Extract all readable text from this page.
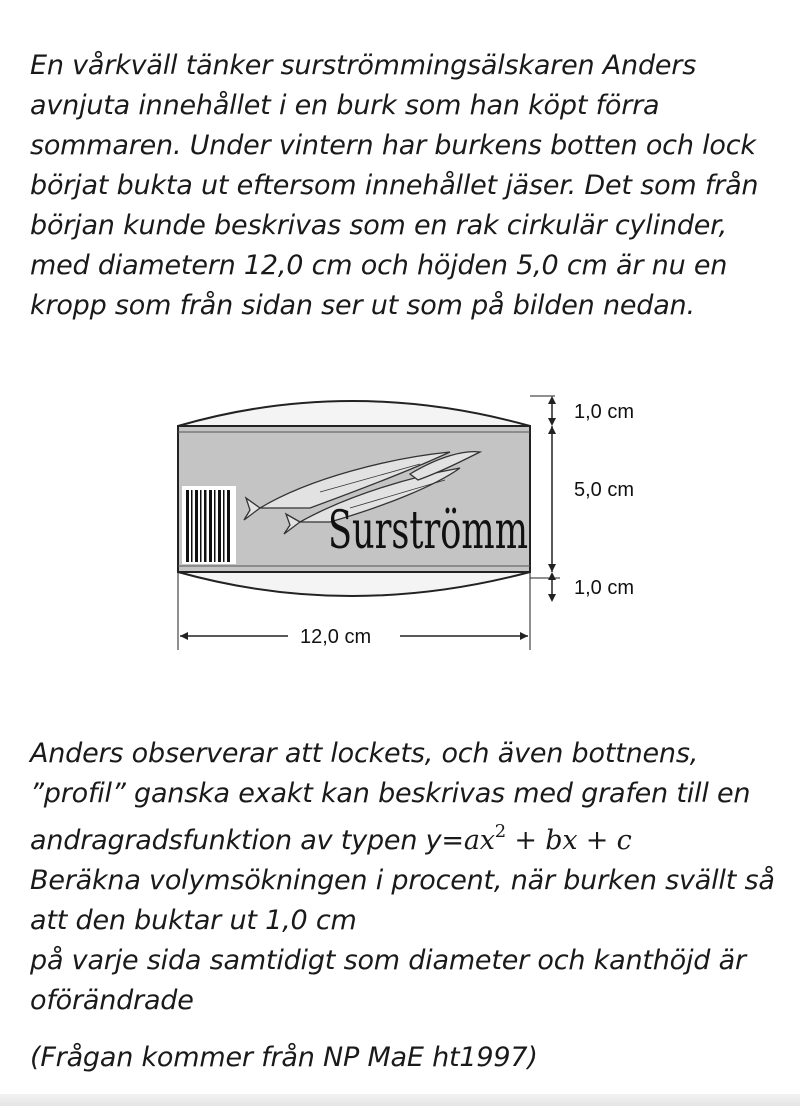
En vårkväll tänker surströmmingsälskaren Anders
avnjuta innehållet i en burk som han köpt förra
sommaren. Under vintern har burkens botten och lock
börjat bukta ut eftersom innehållet jäser. Det som från
början kunde beskrivas som en rak cirkulär cylinder,
med diametern 12,0 cm och höjden 5,0 cm är nu en
kropp som från sidan ser ut som på bilden nedan.
Surströmm
1,0 cm
5,0 cm
1,0 cm
12,0 cm
Anders observerar att lockets, och även bottnens,
”profil” ganska exakt kan beskrivas med grafen till en
andragradsfunktion av typen $y=ax^2$ + bx + c
Beräkna volymsökningen i procent, när burken svällt så
att den buktar ut 1,0 cm
på varje sida samtidigt som diameter och kanthöjd är
oförändrade
(Frågan kommer från NP MaE ht1997)
